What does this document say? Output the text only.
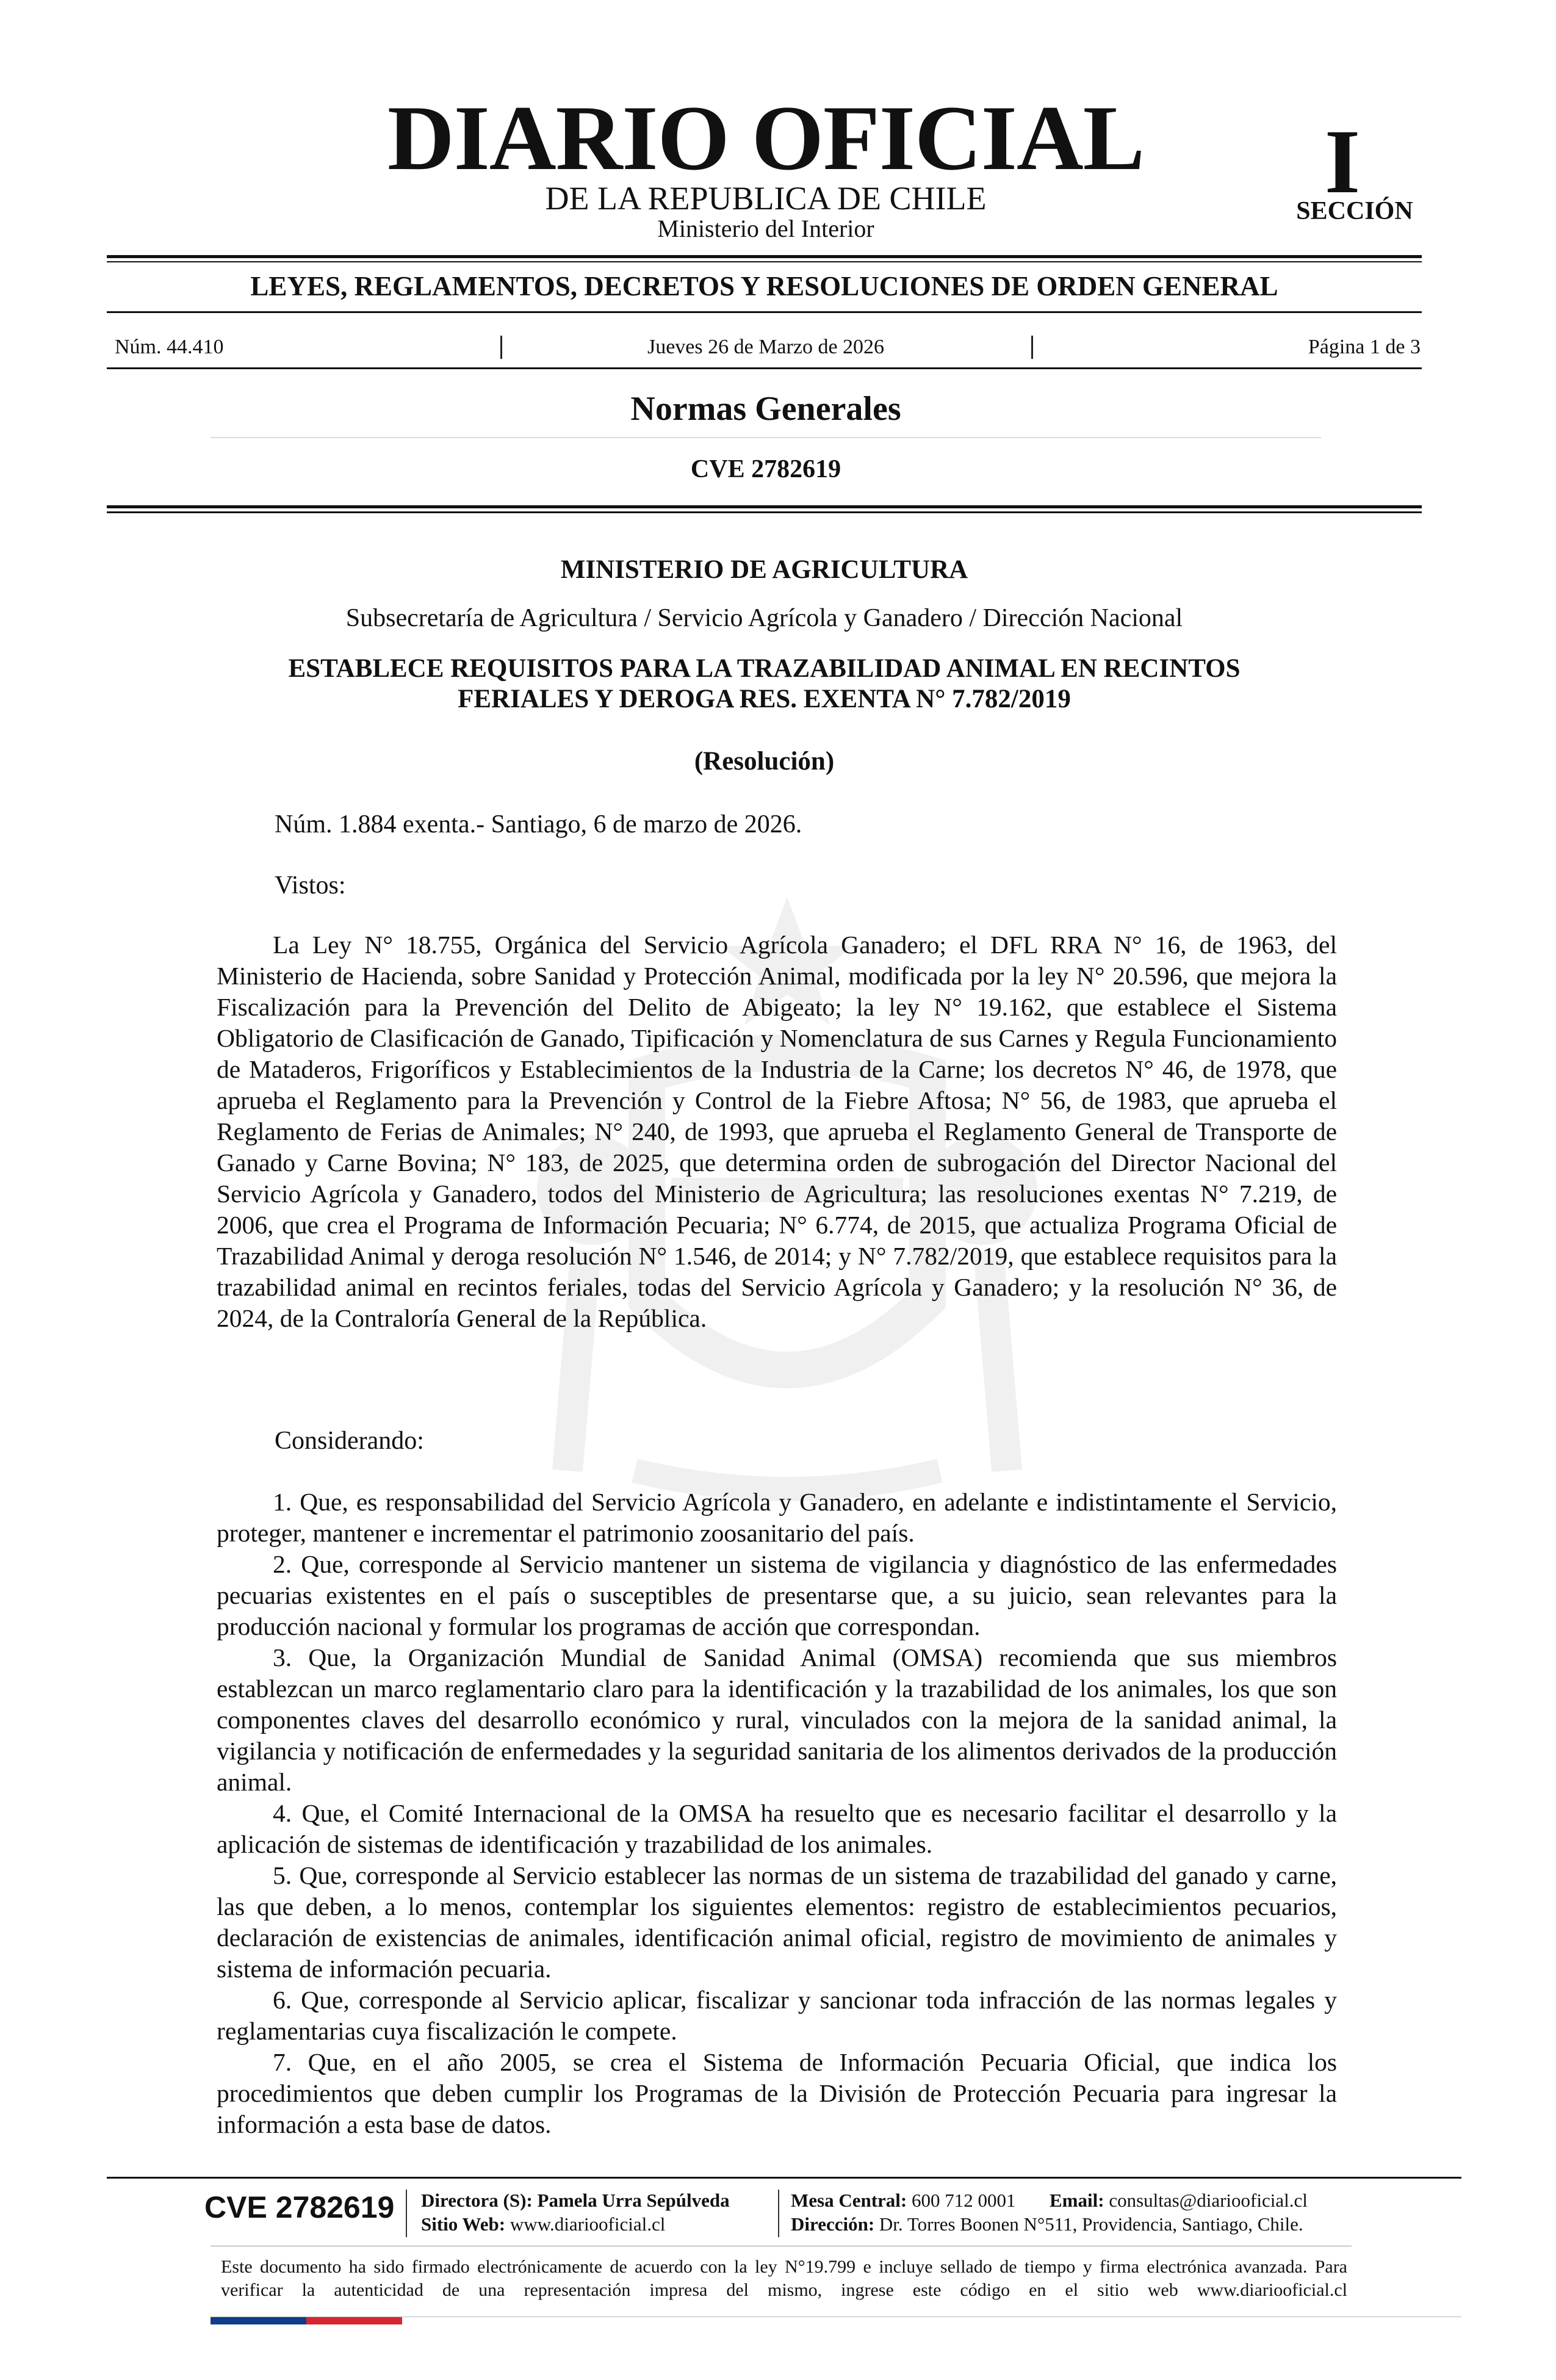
DIARIO OFICIAL
DE LA REPUBLICA DE CHILE
Ministerio del Interior
I
SECCIÓN
LEYES, REGLAMENTOS, DECRETOS Y RESOLUCIONES DE ORDEN GENERAL
Núm. 44.410	Jueves 26 de Marzo de 2026	Página 1 de 3
Normas Generales
CVE 2782619
MINISTERIO DE AGRICULTURA
Subsecretaría de Agricultura / Servicio Agrícola y Ganadero / Dirección Nacional
ESTABLECE REQUISITOS PARA LA TRAZABILIDAD ANIMAL EN RECINTOS
FERIALES Y DEROGA RES. EXENTA N° 7.782/2019
(Resolución)
Núm. 1.884 exenta.- Santiago, 6 de marzo de 2026.
Vistos:

La Ley N° 18.755, Orgánica del Servicio Agrícola Ganadero; el DFL RRA N° 16, de 1963, del Ministerio de Hacienda, sobre Sanidad y Protección Animal, modificada por la ley N° 20.596, que mejora la Fiscalización para la Prevención del Delito de Abigeato; la ley N° 19.162, que establece el Sistema Obligatorio de Clasificación de Ganado, Tipificación y Nomenclatura de sus Carnes y Regula Funcionamiento de Mataderos, Frigoríficos y Establecimientos de la Industria de la Carne; los decretos N° 46, de 1978, que aprueba el Reglamento para la Prevención y Control de la Fiebre Aftosa; N° 56, de 1983, que aprueba el Reglamento de Ferias de Animales; N° 240, de 1993, que aprueba el Reglamento General de Transporte de Ganado y Carne Bovina; N° 183, de 2025, que determina orden de subrogación del Director Nacional del Servicio Agrícola y Ganadero, todos del Ministerio de Agricultura; las resoluciones exentas N° 7.219, de 2006, que crea el Programa de Información Pecuaria; N° 6.774, de 2015, que actualiza Programa Oficial de Trazabilidad Animal y deroga resolución N° 1.546, de 2014; y N° 7.782/2019, que establece requisitos para la trazabilidad animal en recintos feriales, todas del Servicio Agrícola y Ganadero; y la resolución N° 36, de 2024, de la Contraloría General de la República.

Considerando:

1. Que, es responsabilidad del Servicio Agrícola y Ganadero, en adelante e indistintamente el Servicio, proteger, mantener e incrementar el patrimonio zoosanitario del país.

2. Que, corresponde al Servicio mantener un sistema de vigilancia y diagnóstico de las enfermedades pecuarias existentes en el país o susceptibles de presentarse que, a su juicio, sean relevantes para la producción nacional y formular los programas de acción que correspondan.

3. Que, la Organización Mundial de Sanidad Animal (OMSA) recomienda que sus miembros establezcan un marco reglamentario claro para la identificación y la trazabilidad de los animales, los que son componentes claves del desarrollo económico y rural, vinculados con la mejora de la sanidad animal, la vigilancia y notificación de enfermedades y la seguridad sanitaria de los alimentos derivados de la producción animal.

4. Que, el Comité Internacional de la OMSA ha resuelto que es necesario facilitar el desarrollo y la aplicación de sistemas de identificación y trazabilidad de los animales.

5. Que, corresponde al Servicio establecer las normas de un sistema de trazabilidad del ganado y carne, las que deben, a lo menos, contemplar los siguientes elementos: registro de establecimientos pecuarios, declaración de existencias de animales, identificación animal oficial, registro de movimiento de animales y sistema de información pecuaria.

6. Que, corresponde al Servicio aplicar, fiscalizar y sancionar toda infracción de las normas legales y reglamentarias cuya fiscalización le compete.

7. Que, en el año 2005, se crea el Sistema de Información Pecuaria Oficial, que indica los procedimientos que deben cumplir los Programas de la División de Protección Pecuaria para ingresar la información a esta base de datos.

CVE 2782619 Directora (S): Pamela Urra Sepúlveda
Sitio Web: www.diariooficial.cl
Mesa Central: 600 712 0001 Email: consultas@diariooficial.cl
Dirección: Dr. Torres Boonen N°511, Providencia, Santiago, Chile.
Este documento ha sido firmado electrónicamente de acuerdo con la ley N°19.799 e incluye sellado de tiempo y firma electrónica avanzada. Para verificar la autenticidad de una representación impresa del mismo, ingrese este código en el sitio web www.diariooficial.cl
